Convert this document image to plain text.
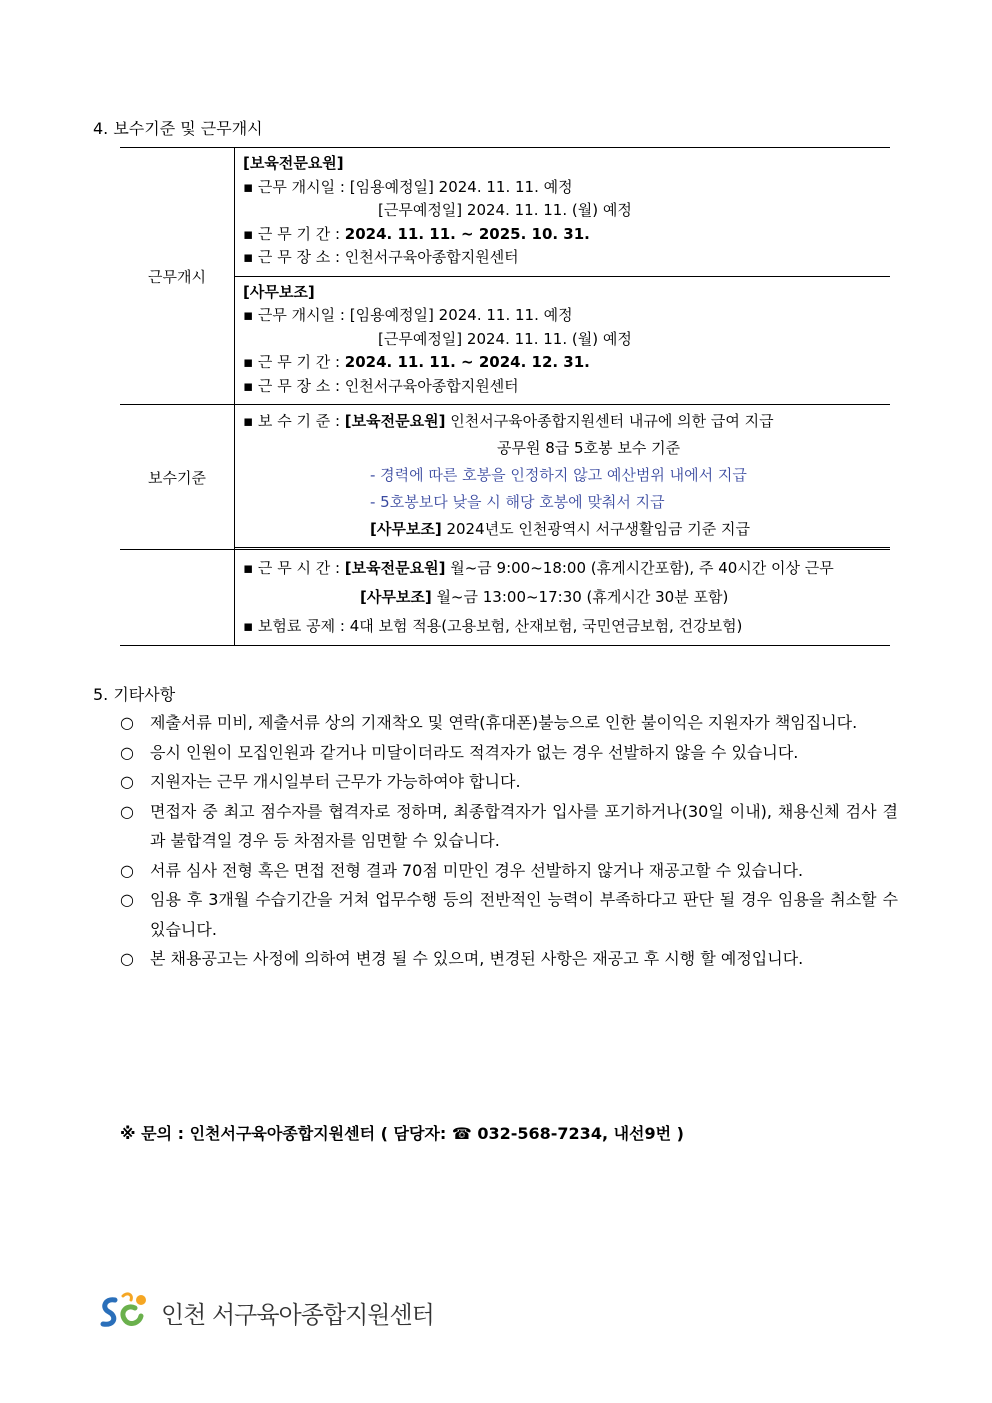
4. 보수기준 및 근무개시
근무개시	[보육전문요원]
▪ 근무 개시일 : [임용예정일] 2024. 11. 11. 예정
[근무예정일] 2024. 11. 11. (월) 예정
▪ 근 무 기 간 : 2024. 11. 11. ~ 2025. 10. 31.
▪ 근 무 장 소 : 인천서구육아종합지원센터

	[사무보조]
▪ 근무 개시일 : [임용예정일] 2024. 11. 11. 예정
[근무예정일] 2024. 11. 11. (월) 예정
▪ 근 무 기 간 : 2024. 11. 11. ~ 2024. 12. 31.
▪ 근 무 장 소 : 인천서구육아종합지원센터

보수기준	▪ 보 수 기 준 : [보육전문요원] 인천서구육아종합지원센터 내규에 의한 급여 지급
공무원 8급 5호봉 보수 기준
- 경력에 따른 호봉을 인정하지 않고 예산범위 내에서 지급
- 5호봉보다 낮을 시 해당 호봉에 맞춰서 지급
[사무보조] 2024년도 인천광역시 서구생활임금 기준 지급

▪ 근 무 시 간 : [보육전문요원] 월~금 9:00~18:00 (휴게시간포함), 주 40시간 이상 근무
[사무보조] 월~금 13:00~17:30 (휴게시간 30분 포함)
▪ 보험료 공제 : 4대 보험 적용(고용보험, 산재보험, 국민연금보험, 건강보험)
5. 기타사항
○	제출서류 미비, 제출서류 상의 기재착오 및 연락(휴대폰)불능으로 인한 불이익은 지원자가 책임집니다.
○	응시 인원이 모집인원과 같거나 미달이더라도 적격자가 없는 경우 선발하지 않을 수 있습니다.
○	지원자는 근무 개시일부터 근무가 가능하여야 합니다.
○	면접자 중 최고 점수자를 협격자로 정하며, 최종합격자가 입사를 포기하거나(30일 이내), 채용신체 검사 결과 불합격일 경우 등 차점자를 임면할 수 있습니다.
○	서류 심사 전형 혹은 면접 전형 결과 70점 미만인 경우 선발하지 않거나 재공고할 수 있습니다.
○	임용 후 3개월 수습기간을 거쳐 업무수행 등의 전반적인 능력이 부족하다고 판단 될 경우 임용을 취소할 수 있습니다.
○	본 채용공고는 사정에 의하여 변경 될 수 있으며, 변경된 사항은 재공고 후 시행 할 예정입니다.
※ 문의 : 인천서구육아종합지원센터 ( 담당자: ☎ 032-568-7234, 내선9번 )
인천 서구육아종합지원센터
